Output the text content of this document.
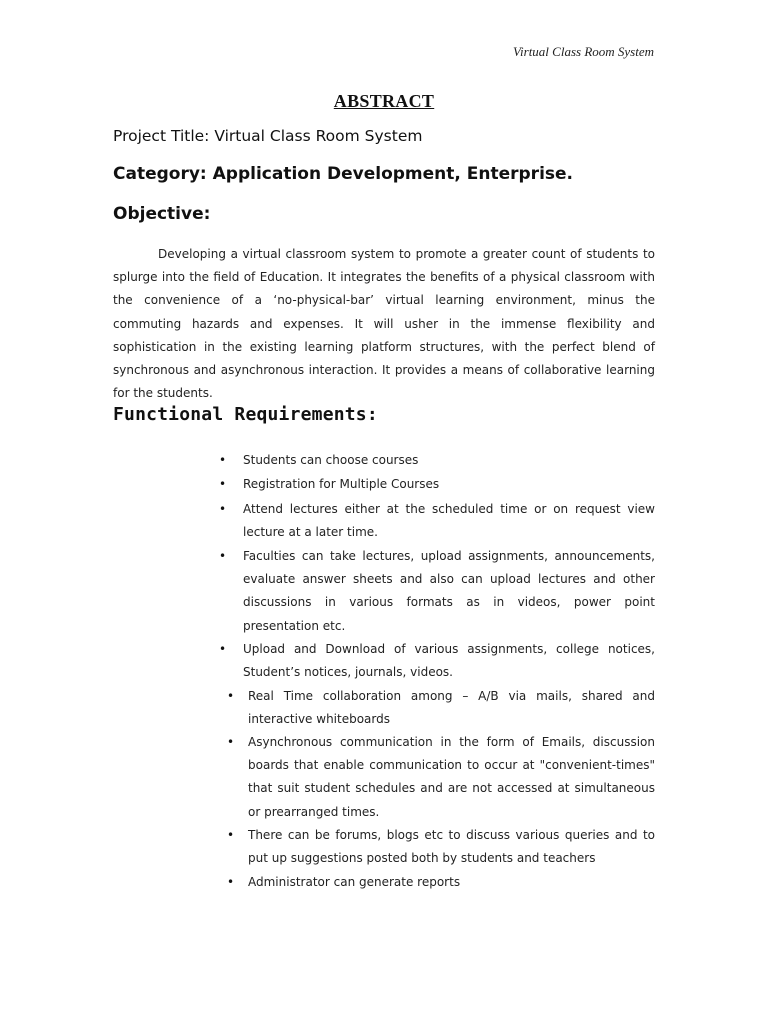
Virtual Class Room System
ABSTRACT
Project Title: Virtual Class Room System
Category: Application Development, Enterprise.
Objective:

Developing a virtual classroom system to promote a greater count of students to splurge into the field of Education. It integrates the benefits of a physical classroom with the convenience of a ‘no-physical-bar’ virtual learning environment, minus the commuting hazards and expenses. It will usher in the immense flexibility and sophistication in the existing learning platform structures, with the perfect blend of synchronous and asynchronous interaction. It provides a means of collaborative learning for the students.

Functional Requirements:
• Students can choose courses
• Registration for Multiple Courses
• Attend lectures either at the scheduled time or on request view lecture at a later time.
• Faculties can take lectures, upload assignments, announcements, evaluate answer sheets and also can upload lectures and other discussions in various formats as in videos, power point presentation etc.
• Upload and Download of various assignments, college notices, Student’s notices, journals, videos.
• Real Time collaboration among – A/B via mails, shared and interactive whiteboards
• Asynchronous communication in the form of Emails, discussion boards that enable communication to occur at "convenient-times" that suit student schedules and are not accessed at simultaneous or prearranged times.
• There can be forums, blogs etc to discuss various queries and to put up suggestions posted both by students and teachers
• Administrator can generate reports
